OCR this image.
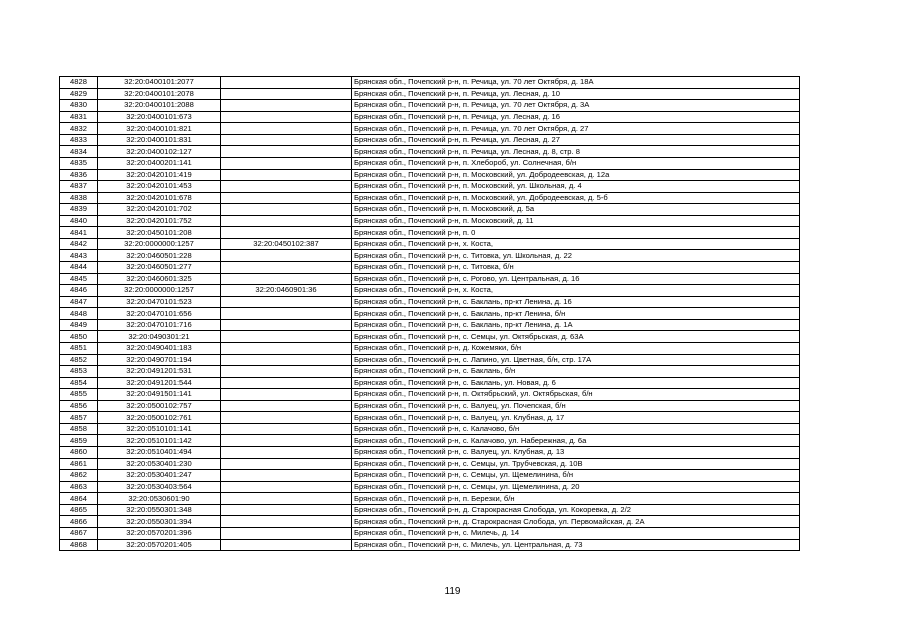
4828	32:20:0400101:2077		Брянская обл., Почепский р-н, п. Речица, ул. 70 лет Октября, д. 18А
4829	32:20:0400101:2078		Брянская обл., Почепский р-н, п. Речица, ул. Лесная, д. 10
4830	32:20:0400101:2088		Брянская обл., Почепский р-н, п. Речица, ул. 70 лет Октября, д. 3А
4831	32:20:0400101:673		Брянская обл., Почепский р-н, п. Речица, ул. Лесная, д. 16
4832	32:20:0400101:821		Брянская обл., Почепский р-н, п. Речица, ул. 70 лет Октября, д. 27
4833	32:20:0400101:831		Брянская обл., Почепский р-н, п. Речица, ул. Лесная, д. 27
4834	32:20:0400102:127		Брянская обл., Почепский р-н, п. Речица, ул. Лесная, д. 8, стр. 8
4835	32:20:0400201:141		Брянская обл., Почепский р-н, п. Хлебороб, ул. Солнечная, б/н
4836	32:20:0420101:419		Брянская обл., Почепский р-н, п. Московский, ул. Добродеевская, д. 12а
4837	32:20:0420101:453		Брянская обл., Почепский р-н, п. Московский, ул. Школьная, д. 4
4838	32:20:0420101:678		Брянская обл., Почепский р-н, п. Московский, ул. Добродеевская, д. 5-б
4839	32:20:0420101:702		Брянская обл., Почепский р-н, п. Московский, д. 5а
4840	32:20:0420101:752		Брянская обл., Почепский р-н, п. Московский, д. 11
4841	32:20:0450101:208		Брянская обл., Почепский р-н, п. 0
4842	32:20:0000000:1257	32:20:0450102:387	Брянская обл., Почепский р-н, х. Коста,
4843	32:20:0460501:228		Брянская обл., Почепский р-н, с. Титовка, ул. Школьная, д. 22
4844	32:20:0460501:277		Брянская обл., Почепский р-н, с. Титовка, б/н
4845	32:20:0460601:325		Брянская обл., Почепский р-н, с. Рогово, ул. Центральная, д. 16
4846	32:20:0000000:1257	32:20:0460901:36	Брянская обл., Почепский р-н, х. Коста,
4847	32:20:0470101:523		Брянская обл., Почепский р-н, с. Баклань, пр-кт Ленина, д. 16
4848	32:20:0470101:656		Брянская обл., Почепский р-н, с. Баклань, пр-кт Ленина, б/н
4849	32:20:0470101:716		Брянская обл., Почепский р-н, с. Баклань, пр-кт Ленина, д. 1А
4850	32:20:0490301:21		Брянская обл., Почепский р-н, с. Семцы, ул. Октябрьская, д. 63А
4851	32:20:0490401:183		Брянская обл., Почепский р-н, д. Кожемяки, б/н
4852	32:20:0490701:194		Брянская обл., Почепский р-н, с. Лапино, ул. Цветная, б/н, стр. 17А
4853	32:20:0491201:531		Брянская обл., Почепский р-н, с. Баклань, б/н
4854	32:20:0491201:544		Брянская обл., Почепский р-н, с. Баклань, ул. Новая, д. 6
4855	32:20:0491501:141		Брянская обл., Почепский р-н, п. Октябрьский, ул. Октябрьская, б/н
4856	32:20:0500102:757		Брянская обл., Почепский р-н, с. Валуец, ул. Почепская, б/н
4857	32:20:0500102:761		Брянская обл., Почепский р-н, с. Валуец, ул. Клубная, д. 17
4858	32:20:0510101:141		Брянская обл., Почепский р-н, с. Калачово, б/н
4859	32:20:0510101:142		Брянская обл., Почепский р-н, с. Калачово, ул. Набережная, д. 6а
4860	32:20:0510401:494		Брянская обл., Почепский р-н, с. Валуец, ул. Клубная, д. 13
4861	32:20:0530401:230		Брянская обл., Почепский р-н, с. Семцы, ул. Трубчевская, д. 10В
4862	32:20:0530401:247		Брянская обл., Почепский р-н, с. Семцы, ул. Щемелинина, б/н
4863	32:20:0530403:564		Брянская обл., Почепский р-н, с. Семцы, ул. Щемелинина, д. 20
4864	32:20:0530601:90		Брянская обл., Почепский р-н, п. Березки, б/н
4865	32:20:0550301:348		Брянская обл., Почепский р-н, д. Старокрасная Слобода, ул. Кокоревка, д. 2/2
4866	32:20:0550301:394		Брянская обл., Почепский р-н, д. Старокрасная Слобода, ул. Первомайская, д. 2А
4867	32:20:0570201:396		Брянская обл., Почепский р-н, с. Милечь, д. 14
4868	32:20:0570201:405		Брянская обл., Почепский р-н, с. Милечь, ул. Центральная, д. 73
119
